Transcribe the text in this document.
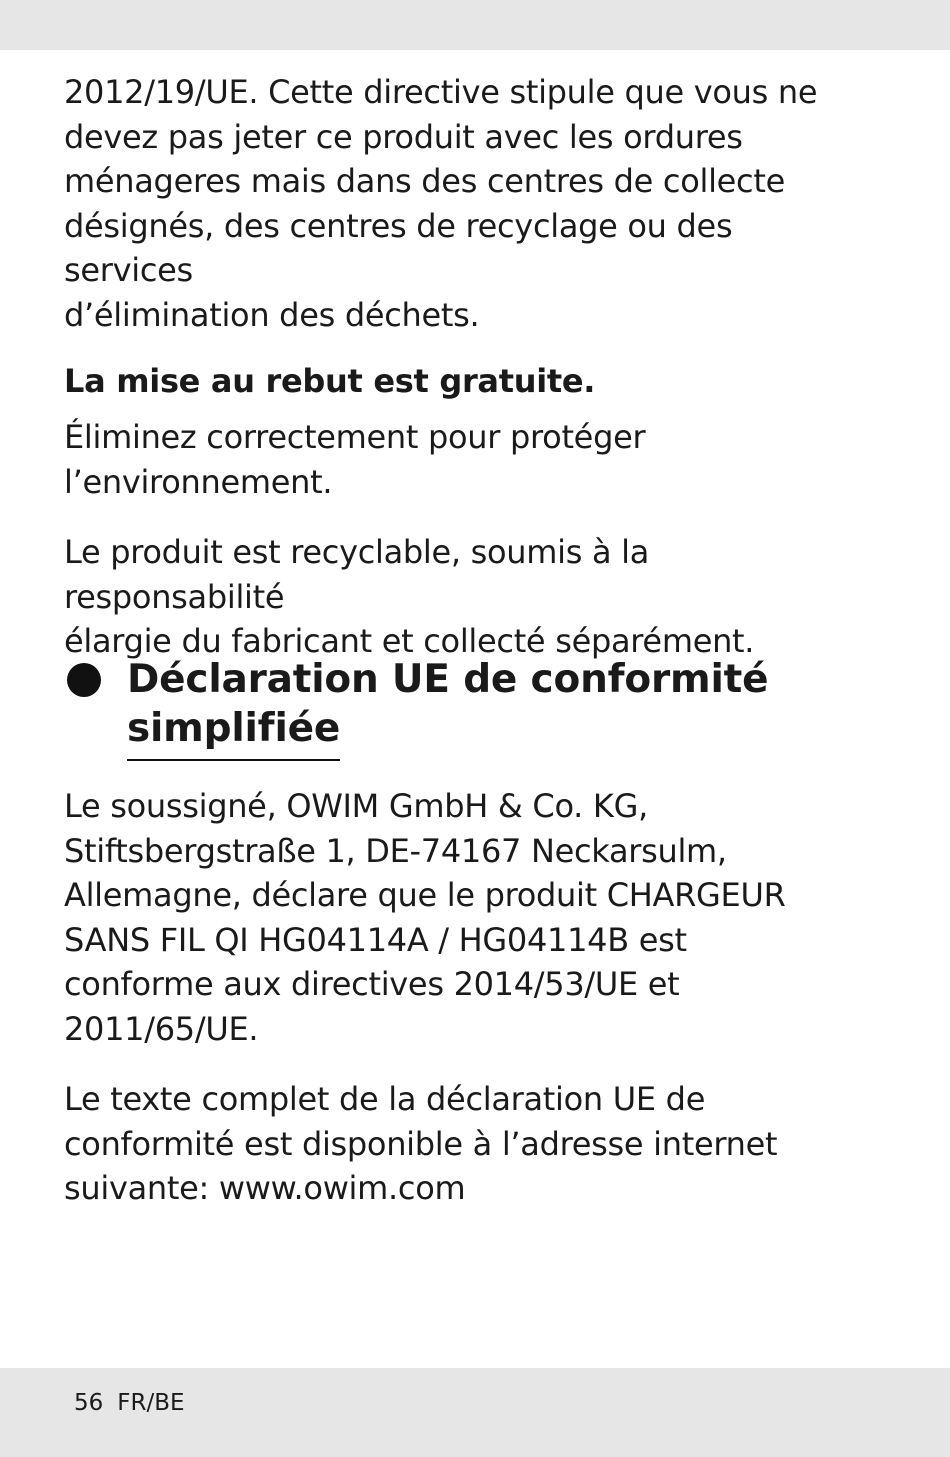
2012/19/UE. Cette directive stipule que vous ne
devez pas jeter ce produit avec les ordures
ménageres mais dans des centres de collecte
désignés, des centres de recyclage ou des services
d’élimination des déchets.

La mise au rebut est gratuite.

Éliminez correctement pour protéger
l’environnement.

Le produit est recyclable, soumis à la responsabilité
élargie du fabricant et collecté séparément.

Déclaration UE de conformité
simplifiée

Le soussigné, OWIM GmbH & Co. KG,
Stiftsbergstraße 1, DE-74167 Neckarsulm,
Allemagne, déclare que le produit CHARGEUR
SANS FIL QI HG04114A / HG04114B est
conforme aux directives 2014/53/UE et
2011/65/UE.

Le texte complet de la déclaration UE de
conformité est disponible à l’adresse internet
suivante: www.owim.com

56 FR/BE
